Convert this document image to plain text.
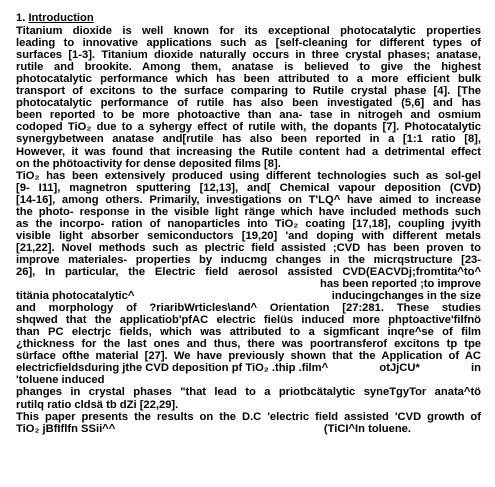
1. Introduction
Titanium dioxide is well known for its exceptional photocatalytic properties
leading to innovative applications such as [self-cleaning for different types of
surfaces [1-3]. Titanium dioxide naturally occurs in three crystal phases; anatase,
rutile and brookite. Among them, anatase is believed to give the highest
photocatalytic performance which has been attributed to a more efficient bulk
transport of excitons to the surface comparing to Rutile crystal phase [4]. [The
photocatalytic performance of rutile has also been investigated (5,6] and has
been reported to be more photoactive than ana- tase in nitrogeh and osmium
codoped TiO₂ due to a syhergy effect of rutile with, the dopants [7]. Photocatalytic
synergybetween anatase and[rutile has also been reported in a [1:1 ratio [8],
However, it was found that increasing the Rutile content had a detrimental effect
on the phötoactivity for dense deposited films [8].
TiO₂ has been extensively produced using different technologies such as sol-gel
[9- I11], magnetron sputtering [12,13], and[ Chemical vapour deposition (CVD)
[14-16], among others. Primarily, investigations on T'LQ^ have aimed to increase
the photo- response in the visible light ränge which have included methods such
as the incorpo- ration of nanoparticles into TiO₂ coating [17,18], coupling jvyith
visible light absorber semiconductors [19,20] 'and doping with different metals
[21,22]. Novel methods such as plectric field assisted ;CVD has been proven to
improve materiales- properties by inducmg changes in the micrqstructure [23-
26], In particular, the Electric field aerosol assisted CVD(EACVDj;fromtita^to^
has been reported ;to improve
titänia photocatalytic^	inducingchanges in the size
and morphology of ?riaribWrticles\and^ Orientation [27:281. These studies
shqwed that the applicatiob'pfAC electric fielüs induced more phptoactive'filfnö
than PC electrjc fields, which was attributed to a sigmficant inqre^se of film
¿thickness for the last ones and thus, there was poortransferof excitons tp tpe
sürface ofthe material [27]. We have previously shown that the Application of AC
electricfieldsduring jthe CVD deposition pf TiO₂ .thip .film^	otJjCU*	in
'toluene induced
phanges in crystal phases "that lead to a priotbcätalytic syneTgyTor anata^tö
rutilq ratio cldsä tb dZi [22,29].
This paper presents the results on the D.C 'electric field assisted 'CVD growth of
TiO₂ jBfIflfn SSii^^	(TiCI^In toluene.
